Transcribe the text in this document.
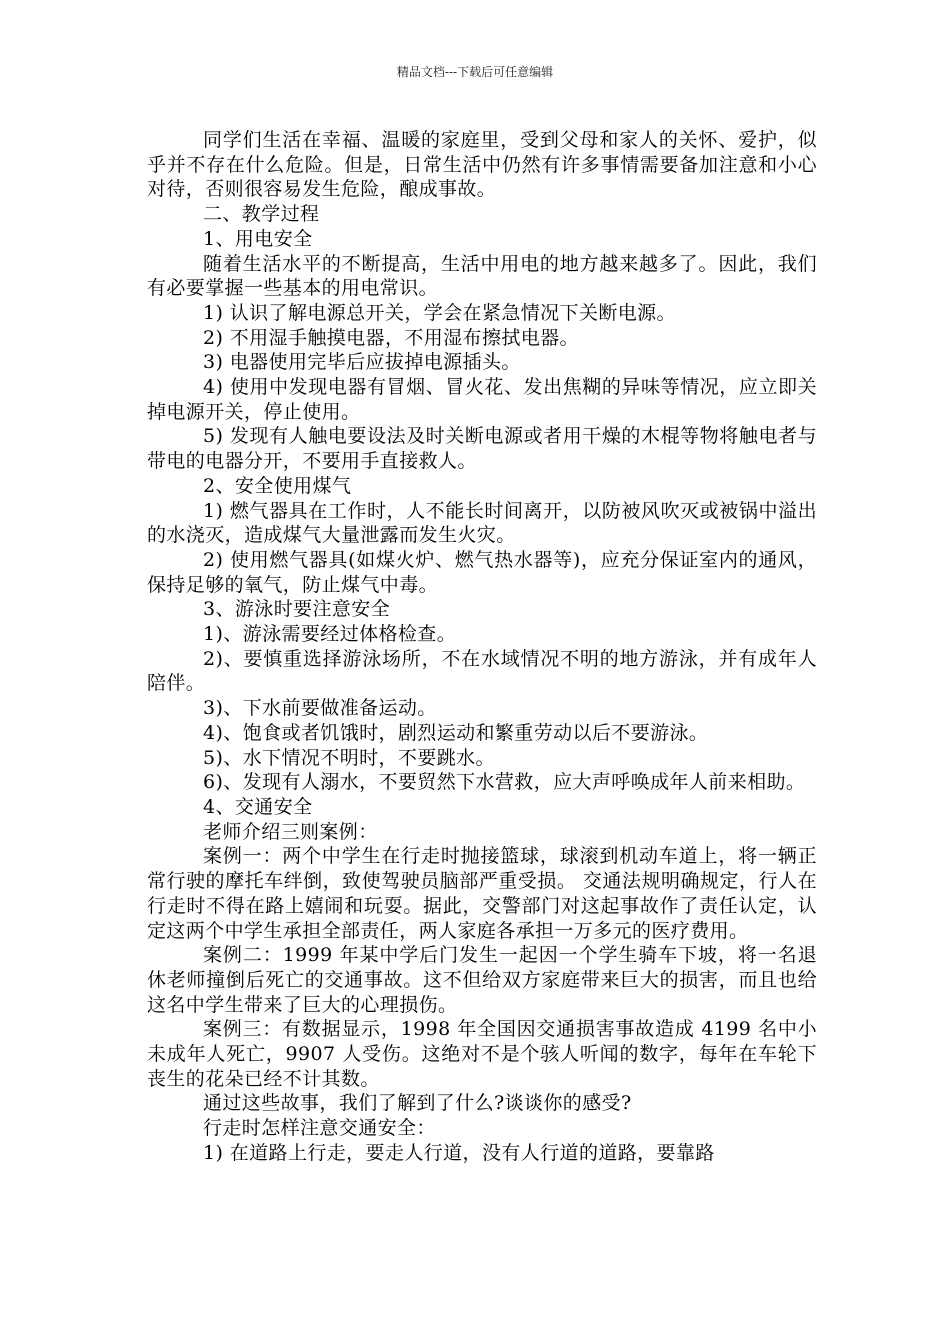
精品文档---下载后可任意编辑

同学们生活在幸福、温暖的家庭里，受到父母和家人的关怀、爱护，似乎并不存在什么危险。但是，日常生活中仍然有许多事情需要备加注意和小心对待，否则很容易发生危险，酿成事故。

二、教学过程

1、用电安全

随着生活水平的不断提高，生活中用电的地方越来越多了。因此，我们有必要掌握一些基本的用电常识。

1) 认识了解电源总开关，学会在紧急情况下关断电源。

2) 不用湿手触摸电器，不用湿布擦拭电器。

3) 电器使用完毕后应拔掉电源插头。

4) 使用中发现电器有冒烟、冒火花、发出焦糊的异味等情况，应立即关掉电源开关，停止使用。

5) 发现有人触电要设法及时关断电源或者用干燥的木棍等物将触电者与带电的电器分开，不要用手直接救人。

2、安全使用煤气

1) 燃气器具在工作时，人不能长时间离开，以防被风吹灭或被锅中溢出的水浇灭，造成煤气大量泄露而发生火灾。

2) 使用燃气器具(如煤火炉、燃气热水器等)，应充分保证室内的通风，保持足够的氧气，防止煤气中毒。

3、游泳时要注意安全

1)、游泳需要经过体格检查。

2)、要慎重选择游泳场所，不在水域情况不明的地方游泳，并有成年人陪伴。

3)、下水前要做准备运动。

4)、饱食或者饥饿时，剧烈运动和繁重劳动以后不要游泳。

5)、水下情况不明时，不要跳水。

6)、发现有人溺水，不要贸然下水营救，应大声呼唤成年人前来相助。

4、交通安全

老师介绍三则案例：

案例一：两个中学生在行走时抛接篮球，球滚到机动车道上，将一辆正常行驶的摩托车绊倒，致使驾驶员脑部严重受损。 交通法规明确规定，行人在行走时不得在路上嬉闹和玩耍。据此，交警部门对这起事故作了责任认定，认定这两个中学生承担全部责任，两人家庭各承担一万多元的医疗费用。

案例二：1999 年某中学后门发生一起因一个学生骑车下坡，将一名退休老师撞倒后死亡的交通事故。这不但给双方家庭带来巨大的损害，而且也给这名中学生带来了巨大的心理损伤。

案例三：有数据显示，1998 年全国因交通损害事故造成 4199 名中小未成年人死亡，9907 人受伤。这绝对不是个骇人听闻的数字，每年在车轮下丧生的花朵已经不计其数。

通过这些故事，我们了解到了什么?谈谈你的感受?

行走时怎样注意交通安全：

1) 在道路上行走，要走人行道，没有人行道的道路，要靠路
